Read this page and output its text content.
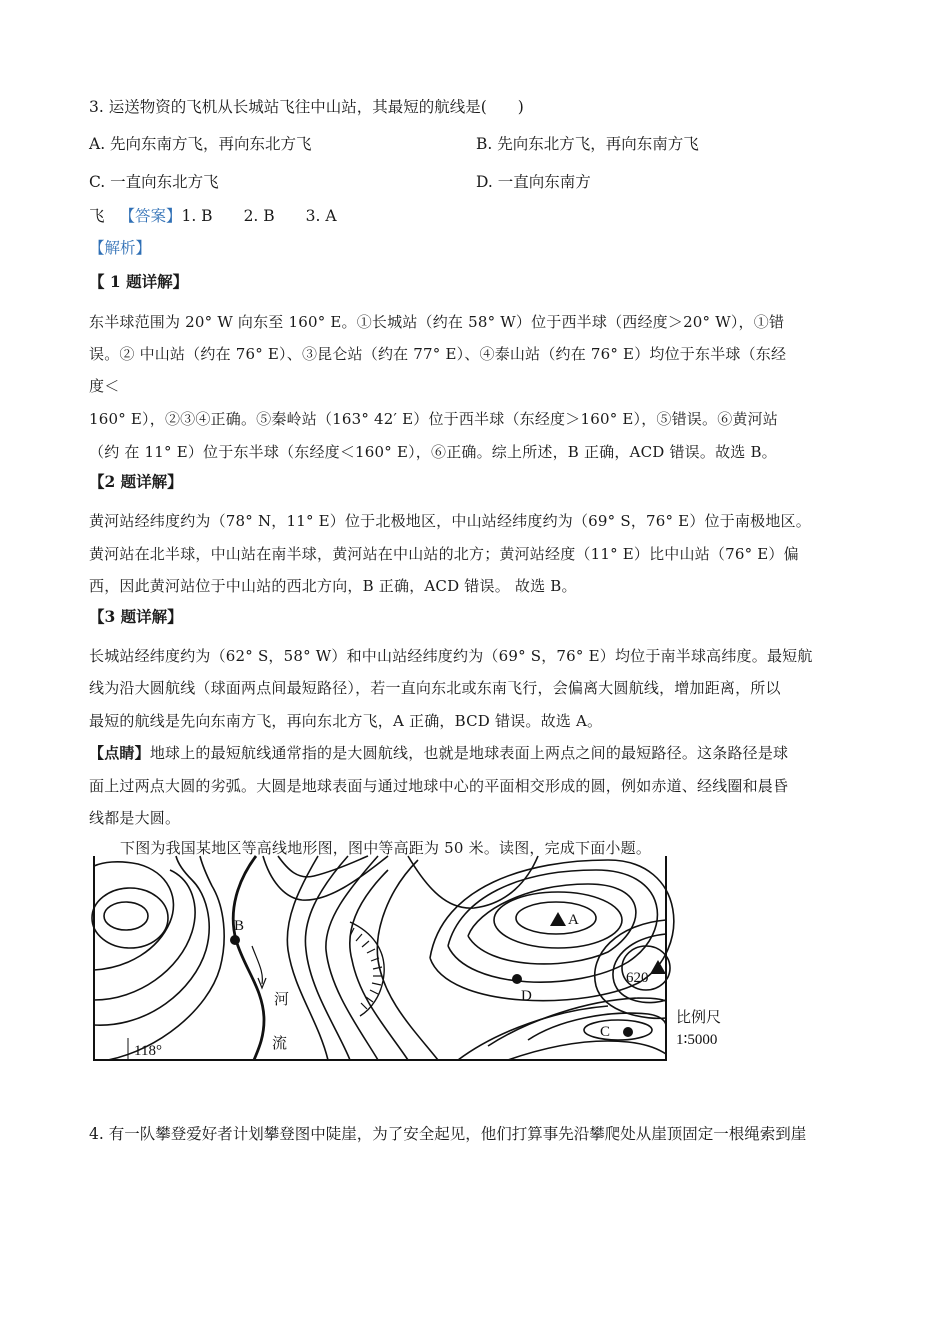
3. 运送物资的飞机从长城站飞往中山站，其最短的航线是(　　)
A. 先向东南方飞，再向东北方飞	B. 先向东北方飞，再向东南方飞
C. 一直向东北方飞	D. 一直向东南方
飞 【答案】1. B　　2. B　　3. A
【解析】
【 1 题详解】
东半球范围为 20° W 向东至 160° E。①长城站（约在 58° W）位于西半球（西经度＞20° W），①错
误。② 中山站（约在 76° E）、③昆仑站（约在 77° E）、④泰山站（约在 76° E）均位于东半球（东经
度＜
160° E），②③④正确。⑤秦岭站（163° 42′ E）位于西半球（东经度＞160° E），⑤错误。⑥黄河站
（约 在 11° E）位于东半球（东经度＜160° E），⑥正确。综上所述，B 正确，ACD 错误。故选 B。
【2 题详解】
黄河站经纬度约为（78° N，11° E）位于北极地区，中山站经纬度约为（69° S，76° E）位于南极地区。
黄河站在北半球，中山站在南半球，黄河站在中山站的北方；黄河站经度（11° E）比中山站（76° E）偏
西，因此黄河站位于中山站的西北方向，B 正确，ACD 错误。 故选 B。
【3 题详解】
长城站经纬度约为（62° S，58° W）和中山站经纬度约为（69° S，76° E）均位于南半球高纬度。最短航
线为沿大圆航线（球面两点间最短路径），若一直向东北或东南飞行，会偏离大圆航线，增加距离，所以
最短的航线是先向东南方飞，再向东北方飞，A 正确，BCD 错误。故选 A。
【点睛】地球上的最短航线通常指的是大圆航线，也就是地球表面上两点之间的最短路径。这条路径是球
面上过两点大圆的劣弧。大圆是地球表面与通过地球中心的平面相交形成的圆，例如赤道、经线圈和晨昏
线都是大圆。
下图为我国某地区等高线地形图，图中等高距为 50 米。读图，完成下面小题。
B	A
D
C
620
河
流
118°
比例尺
1∶5000
4. 有一队攀登爱好者计划攀登图中陡崖，为了安全起见，他们打算事先沿攀爬处从崖顶固定一根绳索到崖
